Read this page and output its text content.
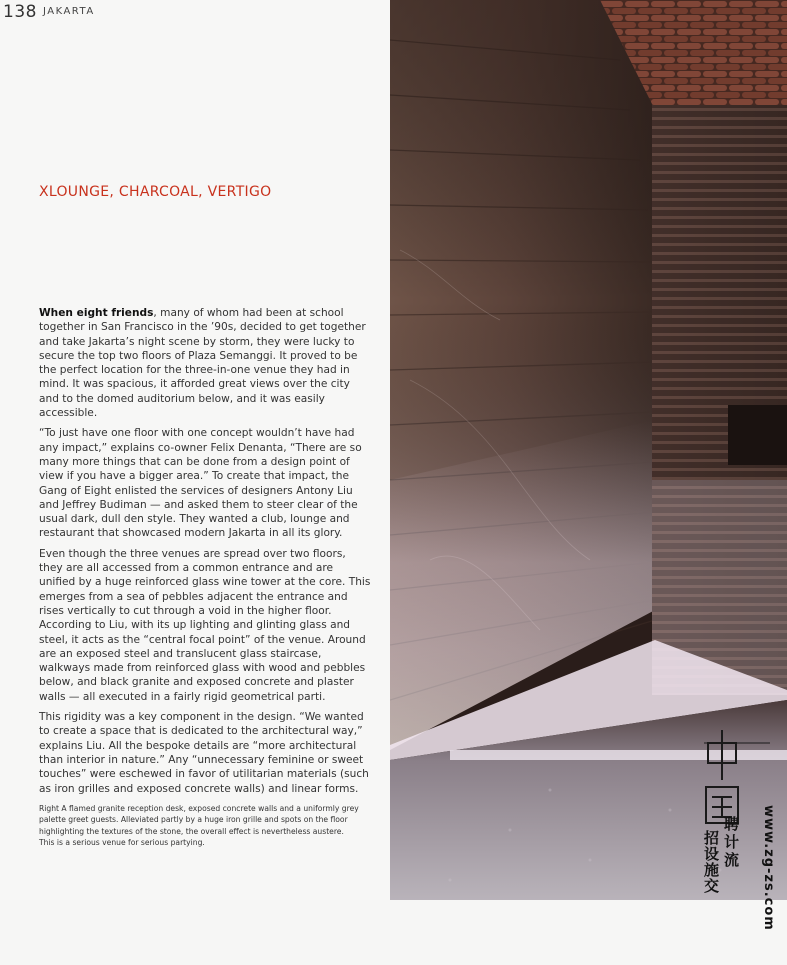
138 JAKARTA
XLOUNGE, CHARCOAL, VERTIGO

When eight friends, many of whom had been at school together in San Francisco in the ’90s, decided to get together and take Jakarta’s night scene by storm, they were lucky to secure the top two floors of Plaza Semanggi. It proved to be the perfect location for the three-in-one venue they had in mind. It was spacious, it afforded great views over the city and to the domed auditorium below, and it was easily accessible.

“To just have one floor with one concept wouldn’t have had any impact,” explains co-owner Felix Denanta, “There are so many more things that can be done from a design point of view if you have a bigger area.” To create that impact, the Gang of Eight enlisted the services of designers Antony Liu and Jeffrey Budiman — and asked them to steer clear of the usual dark, dull den style. They wanted a club, lounge and restaurant that showcased modern Jakarta in all its glory.

Even though the three venues are spread over two floors, they are all accessed from a common entrance and are unified by a huge reinforced glass wine tower at the core. This emerges from a sea of pebbles adjacent the entrance and rises vertically to cut through a void in the higher floor. According to Liu, with its up lighting and glinting glass and steel, it acts as the “central focal point” of the venue. Around are an exposed steel and translucent glass staircase, walkways made from reinforced glass with wood and pebbles below, and black granite and exposed concrete and plaster walls — all executed in a fairly rigid geometrical parti.

This rigidity was a key component in the design. “We wanted to create a space that is dedicated to the architectural way,” explains Liu. All the bespoke details are “more architectural than interior in nature.” Any “unnecessary feminine or sweet touches” were eschewed in favor of utilitarian materials (such as iron grilles and exposed concrete walls) and linear forms.

Right A flamed granite reception desk, exposed concrete walls and a uniformly grey palette greet guests. Alleviated partly by a huge iron grille and spots on the floor highlighting the textures of the stone, the overall effect is nevertheless austere. This is a serious venue for serious partying.	招设施交
聘计流 www.zg-zs.com
